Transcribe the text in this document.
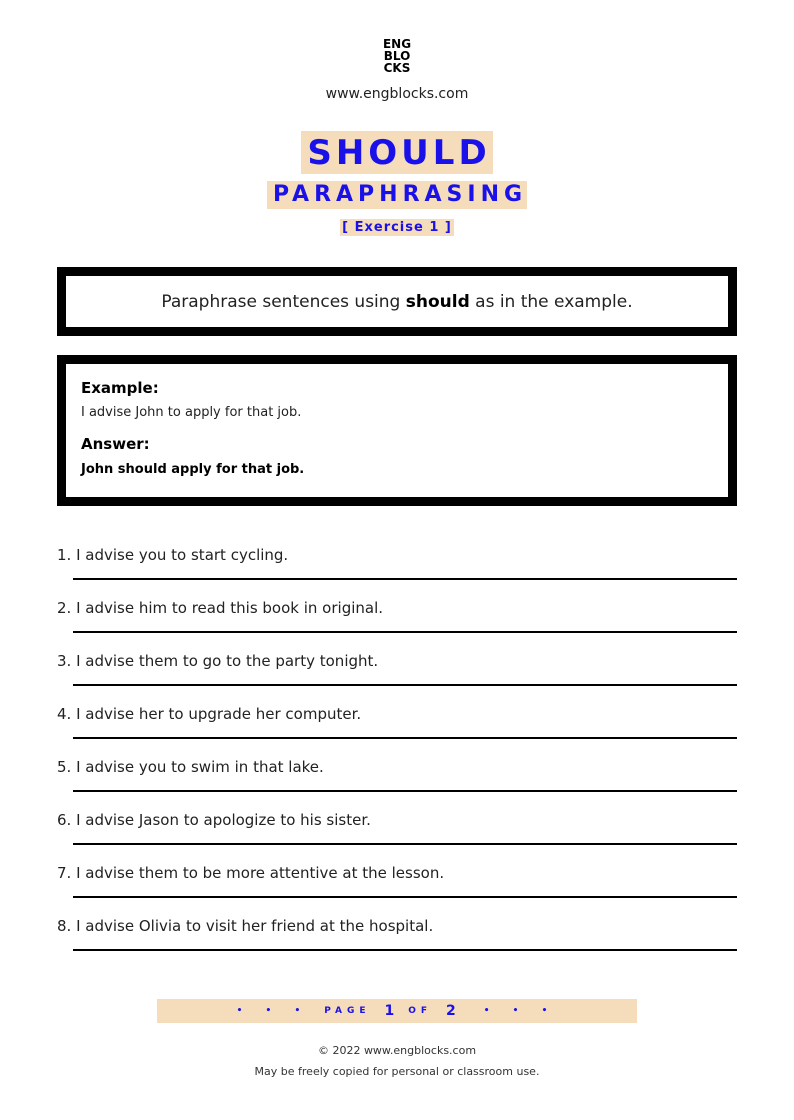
ENG
BLO
CKS
www.engblocks.com
SHOULD
PARAPHRASING
[ Exercise 1 ]
Paraphrase sentences using should as in the example.

Example:

I advise John to apply for that job.

Answer:

John should apply for that job.

1. I advise you to start cycling.
2. I advise him to read this book in original.
3. I advise them to go to the party tonight.
4. I advise her to upgrade her computer.
5. I advise you to swim in that lake.
6. I advise Jason to apologize to his sister.
7. I advise them to be more attentive at the lesson.
8. I advise Olivia to visit her friend at the hospital.
• • • PAGE 1 OF 2	• • •
© 2022 www.engblocks.com
May be freely copied for personal or classroom use.
